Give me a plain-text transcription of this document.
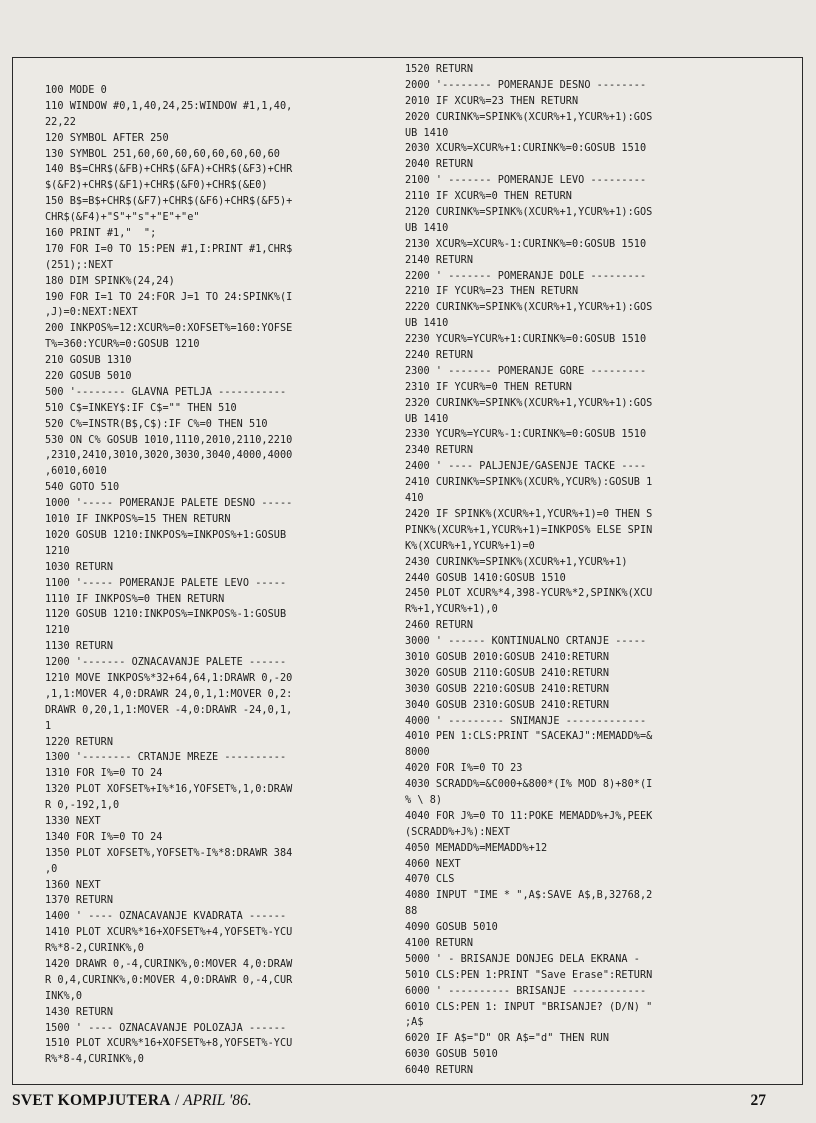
100 MODE 0
110 WINDOW #0,1,40,24,25:WINDOW #1,1,40,
22,22
120 SYMBOL AFTER 250
130 SYMBOL 251,60,60,60,60,60,60,60,60
140 B$=CHR$(&FB)+CHR$(&FA)+CHR$(&F3)+CHR
$(&F2)+CHR$(&F1)+CHR$(&F0)+CHR$(&E0)
150 B$=B$+CHR$(&F7)+CHR$(&F6)+CHR$(&F5)+
CHR$(&F4)+"S"+"s"+"E"+"e"
160 PRINT #1,"  ";
170 FOR I=0 TO 15:PEN #1,I:PRINT #1,CHR$
(251);:NEXT
180 DIM SPINK%(24,24)
190 FOR I=1 TO 24:FOR J=1 TO 24:SPINK%(I
,J)=0:NEXT:NEXT
200 INKPOS%=12:XCUR%=0:XOFSET%=160:YOFSE
T%=360:YCUR%=0:GOSUB 1210
210 GOSUB 1310
220 GOSUB 5010
500 '-------- GLAVNA PETLJA -----------
510 C$=INKEY$:IF C$="" THEN 510
520 C%=INSTR(B$,C$):IF C%=0 THEN 510
530 ON C% GOSUB 1010,1110,2010,2110,2210
,2310,2410,3010,3020,3030,3040,4000,4000
,6010,6010
540 GOTO 510
1000 '----- POMERANJE PALETE DESNO -----
1010 IF INKPOS%=15 THEN RETURN
1020 GOSUB 1210:INKPOS%=INKPOS%+1:GOSUB
1210
1030 RETURN
1100 '----- POMERANJE PALETE LEVO -----
1110 IF INKPOS%=0 THEN RETURN
1120 GOSUB 1210:INKPOS%=INKPOS%-1:GOSUB
1210
1130 RETURN
1200 '------- OZNACAVANJE PALETE ------
1210 MOVE INKPOS%*32+64,64,1:DRAWR 0,-20
,1,1:MOVER 4,0:DRAWR 24,0,1,1:MOVER 0,2:
DRAWR 0,20,1,1:MOVER -4,0:DRAWR -24,0,1,
1
1220 RETURN
1300 '-------- CRTANJE MREZE ----------
1310 FOR I%=0 TO 24
1320 PLOT XOFSET%+I%*16,YOFSET%,1,0:DRAW
R 0,-192,1,0
1330 NEXT
1340 FOR I%=0 TO 24
1350 PLOT XOFSET%,YOFSET%-I%*8:DRAWR 384
,0
1360 NEXT
1370 RETURN
1400 ' ---- OZNACAVANJE KVADRATA ------
1410 PLOT XCUR%*16+XOFSET%+4,YOFSET%-YCU
R%*8-2,CURINK%,0
1420 DRAWR 0,-4,CURINK%,0:MOVER 4,0:DRAW
R 0,4,CURINK%,0:MOVER 4,0:DRAWR 0,-4,CUR
INK%,0
1430 RETURN
1500 ' ---- OZNACAVANJE POLOZAJA ------
1510 PLOT XCUR%*16+XOFSET%+8,YOFSET%-YCU
R%*8-4,CURINK%,0
1520 RETURN
2000 '-------- POMERANJE DESNO --------
2010 IF XCUR%=23 THEN RETURN
2020 CURINK%=SPINK%(XCUR%+1,YCUR%+1):GOS
UB 1410
2030 XCUR%=XCUR%+1:CURINK%=0:GOSUB 1510
2040 RETURN
2100 ' ------- POMERANJE LEVO ---------
2110 IF XCUR%=0 THEN RETURN
2120 CURINK%=SPINK%(XCUR%+1,YCUR%+1):GOS
UB 1410
2130 XCUR%=XCUR%-1:CURINK%=0:GOSUB 1510
2140 RETURN
2200 ' ------- POMERANJE DOLE ---------
2210 IF YCUR%=23 THEN RETURN
2220 CURINK%=SPINK%(XCUR%+1,YCUR%+1):GOS
UB 1410
2230 YCUR%=YCUR%+1:CURINK%=0:GOSUB 1510
2240 RETURN
2300 ' ------- POMERANJE GORE ---------
2310 IF YCUR%=0 THEN RETURN
2320 CURINK%=SPINK%(XCUR%+1,YCUR%+1):GOS
UB 1410
2330 YCUR%=YCUR%-1:CURINK%=0:GOSUB 1510
2340 RETURN
2400 ' ---- PALJENJE/GASENJE TACKE ----
2410 CURINK%=SPINK%(XCUR%,YCUR%):GOSUB 1
410
2420 IF SPINK%(XCUR%+1,YCUR%+1)=0 THEN S
PINK%(XCUR%+1,YCUR%+1)=INKPOS% ELSE SPIN
K%(XCUR%+1,YCUR%+1)=0
2430 CURINK%=SPINK%(XCUR%+1,YCUR%+1)
2440 GOSUB 1410:GOSUB 1510
2450 PLOT XCUR%*4,398-YCUR%*2,SPINK%(XCU
R%+1,YCUR%+1),0
2460 RETURN
3000 ' ------ KONTINUALNO CRTANJE -----
3010 GOSUB 2010:GOSUB 2410:RETURN
3020 GOSUB 2110:GOSUB 2410:RETURN
3030 GOSUB 2210:GOSUB 2410:RETURN
3040 GOSUB 2310:GOSUB 2410:RETURN
4000 ' --------- SNIMANJE -------------
4010 PEN 1:CLS:PRINT "SACEKAJ":MEMADD%=&
8000
4020 FOR I%=0 TO 23
4030 SCRADD%=&C000+&800*(I% MOD 8)+80*(I
% \ 8)
4040 FOR J%=0 TO 11:POKE MEMADD%+J%,PEEK
(SCRADD%+J%):NEXT
4050 MEMADD%=MEMADD%+12
4060 NEXT
4070 CLS
4080 INPUT "IME * ",A$:SAVE A$,B,32768,2
88
4090 GOSUB 5010
4100 RETURN
5000 ' - BRISANJE DONJEG DELA EKRANA -
5010 CLS:PEN 1:PRINT "Save Erase":RETURN
6000 ' ---------- BRISANJE ------------
6010 CLS:PEN 1: INPUT "BRISANJE? (D/N) "
;A$
6020 IF A$="D" OR A$="d" THEN RUN
6030 GOSUB 5010
6040 RETURN
SVET KOMPJUTERA / APRIL '86.	27
